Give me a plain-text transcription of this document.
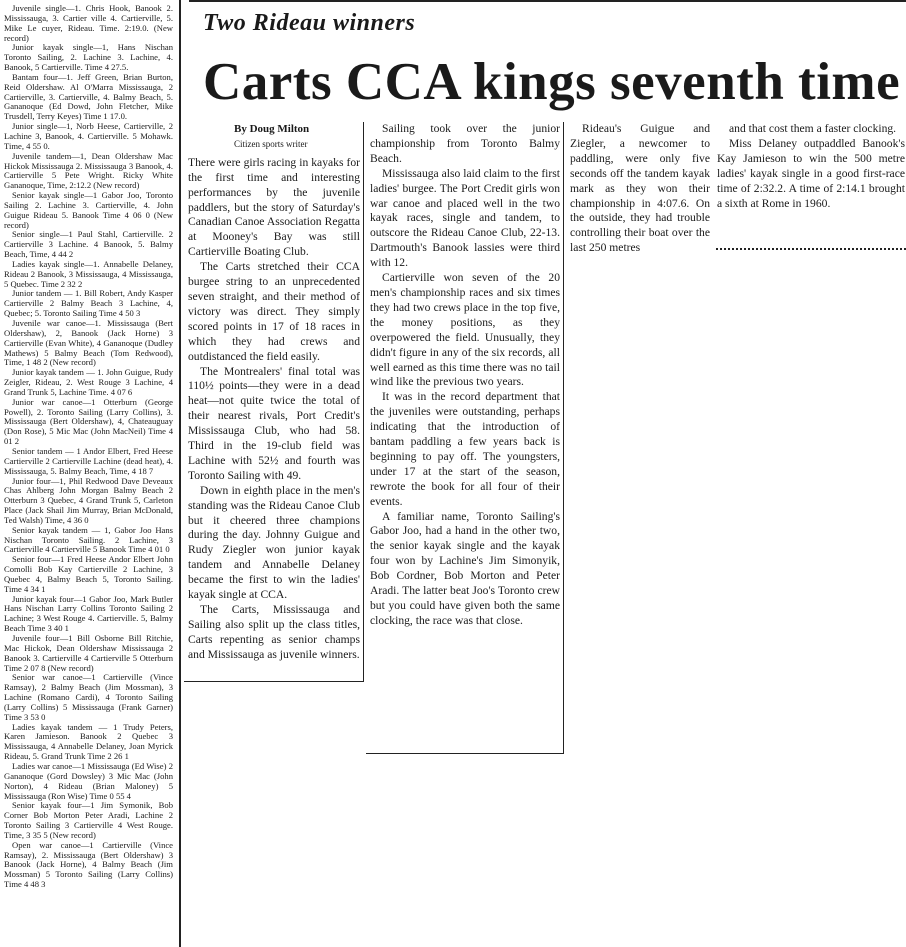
Juvenile single—1. Chris Hook, Banook 2. Mississauga, 3. Cartier ville 4. Cartierville, 5. Mike Le cuyer, Rideau. Time. 2:19.0. (New record)

Junior kayak single—1, Hans Nischan Toronto Sailing, 2. Lachine 3. Lachine, 4. Banook, 5 Cartierville. Time 4 27.5.

Bantam four—1. Jeff Green, Brian Burton, Reid Oldershaw. Al O'Marra Mississauga, 2 Cartierville, 3. Cartierville, 4. Balmy Beach, 5. Gananoque (Ed Dowd, John Fletcher, Mike Trusdell, Terry Keyes) Time 1 17.0.

Junior single—1, Norb Heese, Cartierville, 2 Lachine 3, Banook, 4. Cartierville. 5 Mohawk. Time, 4 55 0.

Juvenile tandem—1, Dean Oldershaw Mac Hickok Mississauga 2. Mississauga 3 Banook, 4. Cartierville 5 Pete Wright. Ricky White Gananoque, Time, 2:12.2 (New record)

Senior kayak single—1 Gabor Joo, Toronto Sailing 2. Lachine 3. Cartierville, 4. John Guigue Rideau 5. Banook Time 4 06 0 (New record)

Senior single—1 Paul Stahl, Cartierville. 2 Cartierville 3 Lachine. 4 Banook, 5. Balmy Beach, Time, 4 44 2

Ladies kayak single—1. Annabelle Delaney, Rideau 2 Banook, 3 Mississauga, 4 Mississauga, 5 Quebec. Time 2 32 2

Junior tandem — 1. Bill Robert, Andy Kasper Cartierville 2 Balmy Beach 3 Lachine, 4, Quebec; 5. Toronto Sailing Time 4 50 3

Juvenile war canoe—1. Mississauga (Bert Oldershaw), 2, Banook (Jack Horne) 3 Cartierville (Evan White), 4 Gananoque (Dudley Mathews) 5 Balmy Beach (Tom Redwood), Time, 1 48 2 (New record)

Junior kayak tandem — 1. John Guigue, Rudy Zeigler, Rideau, 2. West Rouge 3 Lachine, 4 Grand Trunk 5, Lachine Time. 4 07 6

Junior war canoe—1 Otterburn (George Powell), 2. Toronto Sailing (Larry Collins), 3. Mississauga (Bert Oldershaw), 4, Chateauguay (Don Rose), 5 Mic Mac (John MacNeil) Time 4 01 2

Senior tandem — 1 Andor Elbert, Fred Heese Cartierville 2 Cartierville Lachine (dead heat), 4. Mississauga, 5. Balmy Beach, Time, 4 18 7

Junior four—1, Phil Redwood Dave Deveaux Chas Ahlberg John Morgan Balmy Beach 2 Otterburn 3 Quebec, 4 Grand Trunk 5, Carleton Place (Jack Shail Jim Murray, Brian McDonald, Ted Walsh) Time, 4 36 0

Senior kayak tandem — 1, Gabor Joo Hans Nischan Toronto Sailing. 2 Lachine, 3 Cartierville 4 Cartierville 5 Banook Time 4 01 0

Senior four—1 Fred Heese Andor Elbert John Comolli Bob Kay Cartierville 2 Lachine, 3 Quebec 4, Balmy Beach 5, Toronto Sailing. Time 4 34 1

Junior kayak four—1 Gabor Joo, Mark Butler Hans Nischan Larry Collins Toronto Sailing 2 Lachine; 3 West Rouge 4. Cartierville. 5, Balmy Beach Time 3 40 1

Juvenile four—1 Bill Osborne Bill Ritchie, Mac Hickok, Dean Oldershaw Mississauga 2 Banook 3. Cartierville 4 Cartierville 5 Otterburn Time 2 07 8 (New record)

Senior war canoe—1 Cartierville (Vince Ramsay), 2 Balmy Beach (Jim Mossman), 3 Lachine (Romano Cardi), 4 Toronto Sailing (Larry Collins) 5 Mississauga (Frank Garner) Time 3 53 0

Ladies kayak tandem — 1 Trudy Peters, Karen Jamieson. Banook 2 Quebec 3 Mississauga, 4 Annabelle Delaney, Joan Myrick Rideau, 5. Grand Trunk Time 2 26 1

Ladies war canoe—1 Mississauga (Ed Wise) 2 Gananoque (Gord Dowsley) 3 Mic Mac (John Norton), 4 Rideau (Brian Maloney) 5 Mississauga (Ron Wise) Time 0 55 4

Senior kayak four—1 Jim Symonik, Bob Corner Bob Morton Peter Aradi, Lachine 2 Toronto Sailing 3 Cartierville 4 West Rouge. Time, 3 35 5 (New record)

Open war canoe—1 Cartierville (Vince Ramsay), 2. Mississauga (Bert Oldershaw) 3 Banook (Jack Horne), 4 Balmy Beach (Jim Mossman) 5 Toronto Sailing (Larry Collins) Time 4 48 3

Two Rideau winners
Carts CCA kings seventh time

By Doug Milton

Citizen sports writer

There were girls racing in kayaks for the first time and interesting performances by the juvenile paddlers, but the story of Saturday's Canadian Canoe Association Regatta at Mooney's Bay was still Cartierville Boating Club.

The Carts stretched their CCA burgee string to an unprecedented seven straight, and their method of victory was direct. They simply scored points in 17 of 18 races in which they had crews and outdistanced the field easily.

The Montrealers' final total was 110½ points—they were in a dead heat—not quite twice the total of their nearest rivals, Port Credit's Mississauga Club, who had 58. Third in the 19-club field was Lachine with 52½ and fourth was Toronto Sailing with 49.

Down in eighth place in the men's standing was the Rideau Canoe Club but it cheered three champions during the day. Johnny Guigue and Rudy Ziegler won junior kayak tandem and Annabelle Delaney became the first to win the ladies' kayak single at CCA.

The Carts, Mississauga and Sailing also split up the class titles, Carts repenting as senior champs and Mississauga as juvenile winners.

Sailing took over the junior championship from Toronto Balmy Beach.

Mississauga also laid claim to the first ladies' burgee. The Port Credit girls won war canoe and placed well in the two kayak races, single and tandem, to outscore the Rideau Canoe Club, 22-13. Dartmouth's Banook lassies were third with 12.

Cartierville won seven of the 20 men's championship races and six times they had two crews place in the top five, the money positions, as they overpowered the field. Unusually, they didn't figure in any of the six records, all well earned as this time there was no tail wind like the previous two years.

It was in the record department that the juveniles were outstanding, perhaps indicating that the introduction of bantam paddling a few years back is beginning to pay off. The youngsters, under 17 at the start of the season, rewrote the book for all four of their events.

A familiar name, Toronto Sailing's Gabor Joo, had a hand in the other two, the senior kayak single and the kayak four won by Lachine's Jim Simonyik, Bob Cordner, Bob Morton and Peter Aradi. The latter beat Joo's Toronto crew but you could have given both the same clocking, the race was that close.

Rideau's Guigue and Ziegler, a newcomer to paddling, were only five seconds off the tandem kayak mark as they won their championship in 4:07.6. On the outside, they had trouble controlling their boat over the last 250 metres

and that cost them a faster clocking.

Miss Delaney outpaddled Banook's Kay Jamieson to win the 500 metre ladies' kayak single in a good first-race time of 2:32.2. A time of 2:14.1 brought a sixth at Rome in 1960.
